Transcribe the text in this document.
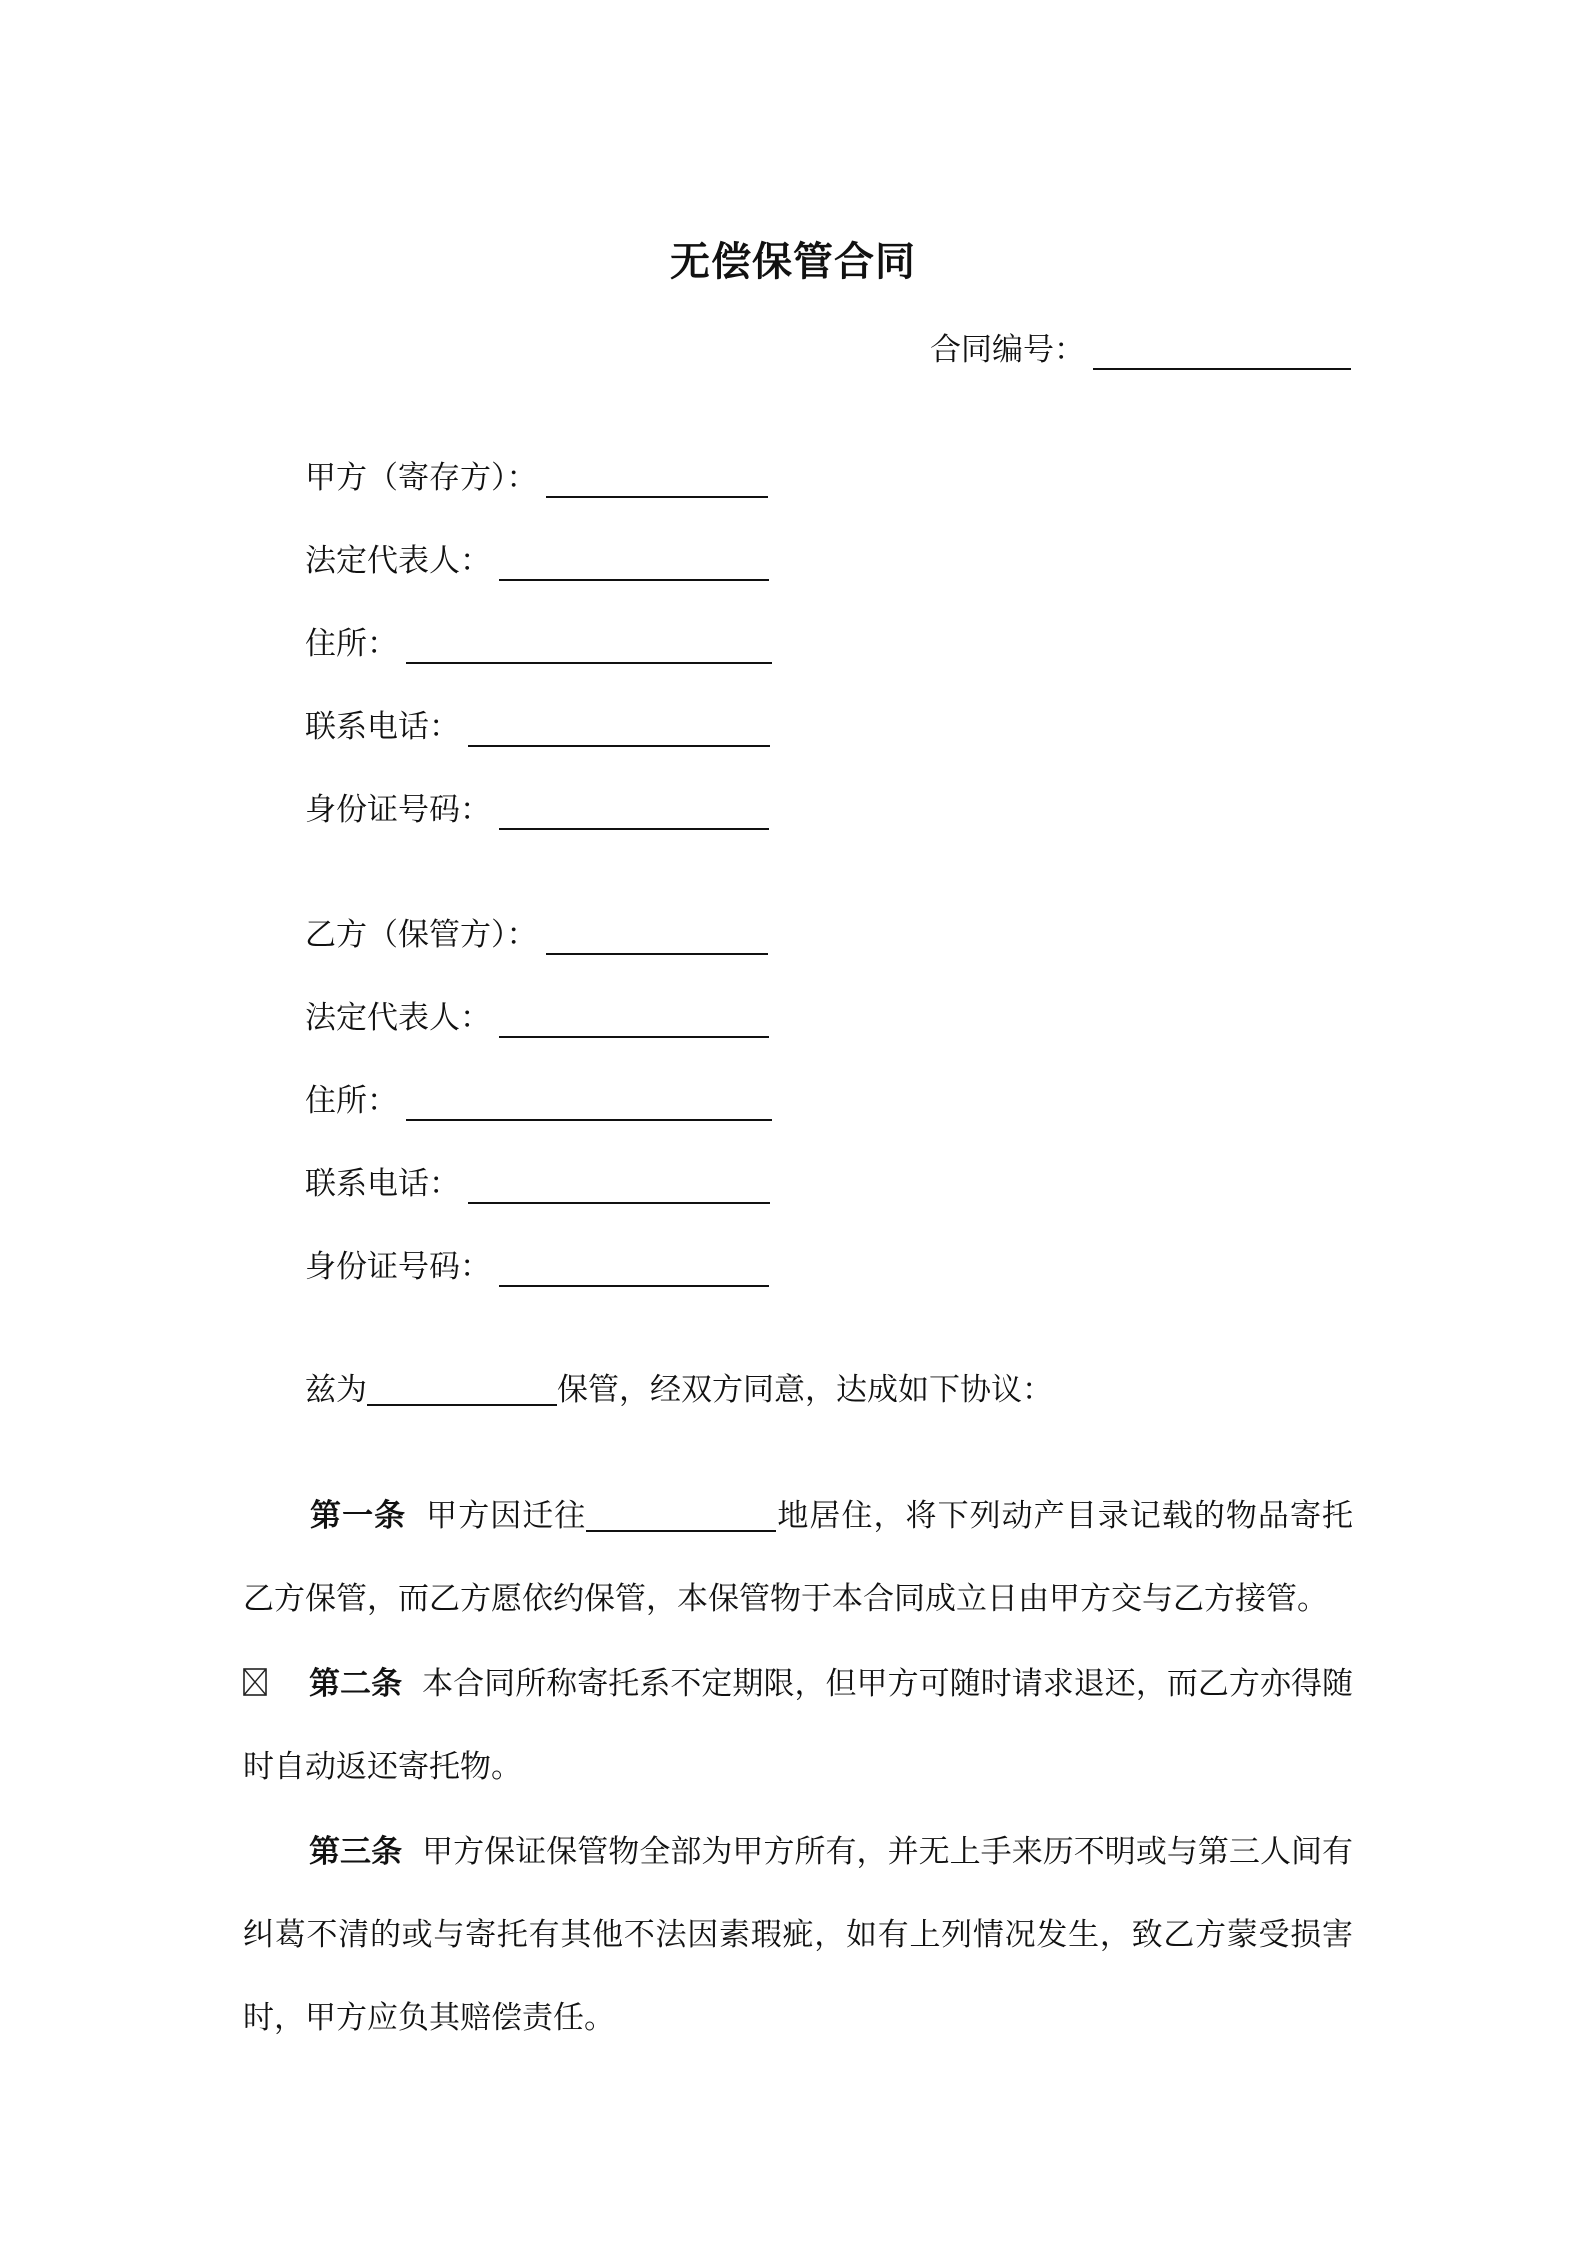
无偿保管合同
合同编号：
甲方（寄存方）：
法定代表人：
住所：
联系电话：
身份证号码：
乙方（保管方）：
法定代表人：
住所：
联系电话：
身份证号码：
兹为	保管，经双方同意，达成如下协议：
第一条 甲方因迁往	地居住，将下列动产目录记载的物品寄托乙方保管，而乙方愿依约保管，本保管物于本合同成立日由甲方交与乙方接管。
第二条 本合同所称寄托系不定期限，但甲方可随时请求退还，而乙方亦得随时自动返还寄托物。
第三条 甲方保证保管物全部为甲方所有，并无上手来历不明或与第三人间有纠葛不清的或与寄托有其他不法因素瑕疵，如有上列情况发生，致乙方蒙受损害时，甲方应负其赔偿责任。
